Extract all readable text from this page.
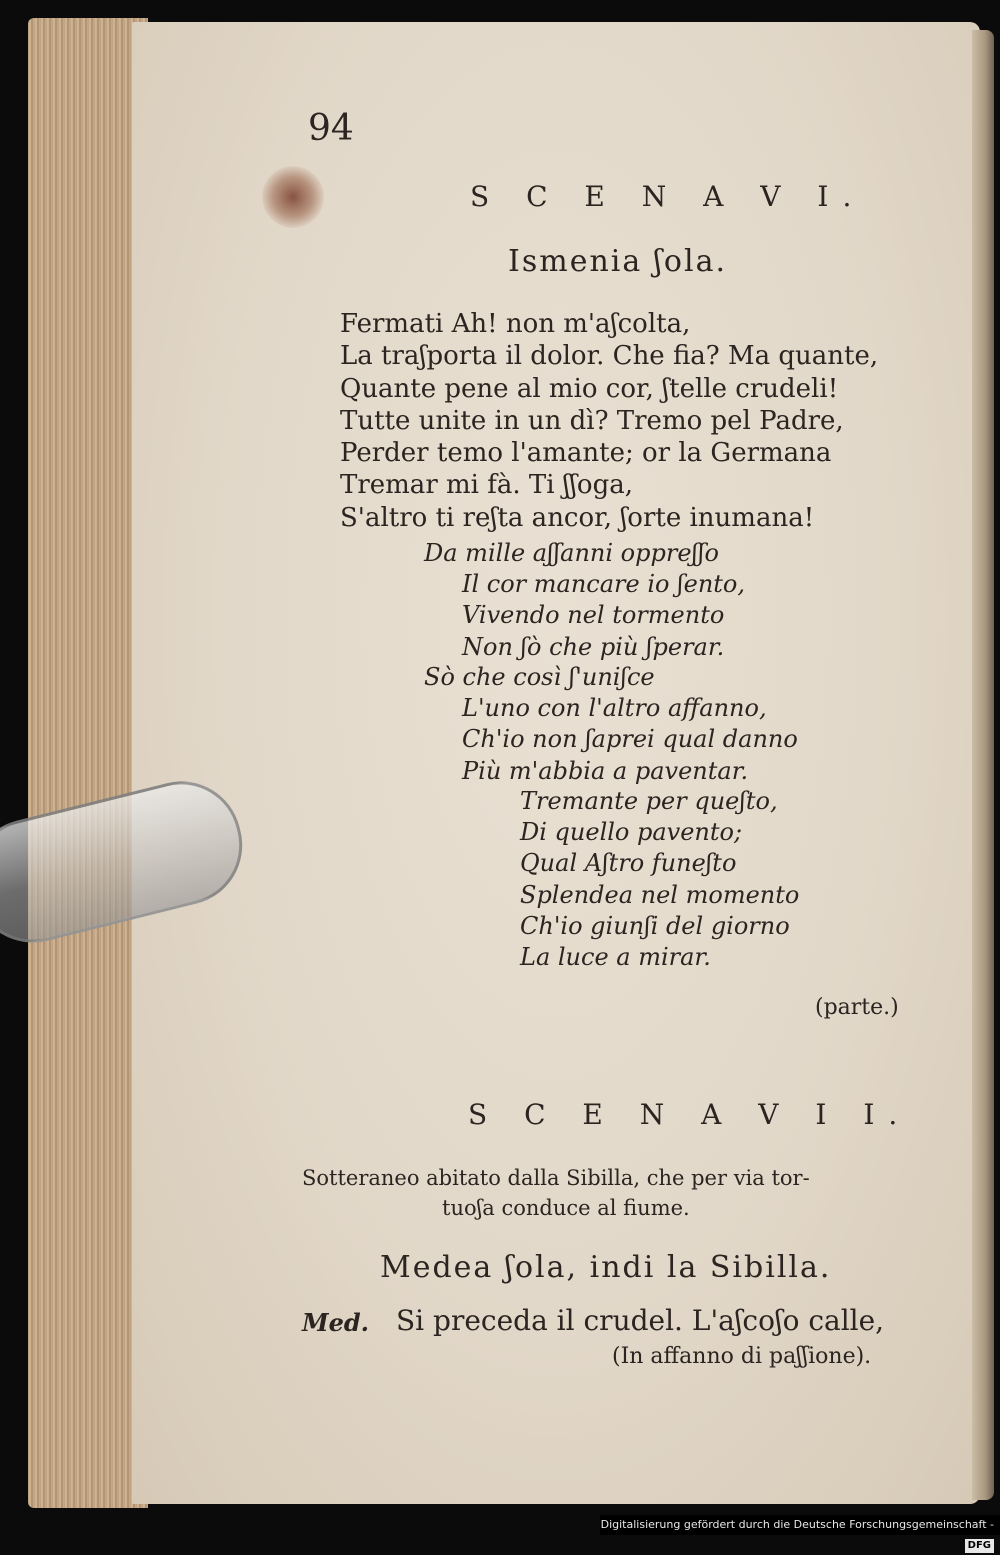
94
S C E N A V I.
Ismenia ʃola.
Fermati Ah! non m'aʃcolta,
La traʃporta il dolor. Che fia? Ma quante,
Quante pene al mio cor, ʃtelle crudeli!
Tutte unite in un dì? Tremo pel Padre,
Perder temo l'amante; or la Germana
Tremar mi fà. Ti ʃʃoga,
S'altro ti reʃta ancor, ʃorte inumana!
Da mille aʃʃanni oppreʃʃo
Il cor mancare io ʃento,
Vivendo nel tormento
Non ʃò che più ʃperar.
Sò che così ʃ'uniʃce
L'uno con l'altro affanno,
Ch'io non ʃaprei qual danno
Più m'abbia a paventar.
Tremante per queʃto,
Di quello pavento;
Qual Aʃtro funeʃto
Splendea nel momento
Ch'io giunʃi del giorno
La luce a mirar.
(parte.)
S C E N A V I I.
Sotteraneo abitato dalla Sibilla, che per via tor-
tuoʃa conduce al fiume.
Medea ʃola, indi la Sibilla.
Med. Si preceda il crudel. L'aʃcoʃo calle,
(In affanno di paʃʃione).
Digitalisierung gefördert durch die Deutsche Forschungsgemeinschaft -DFG
